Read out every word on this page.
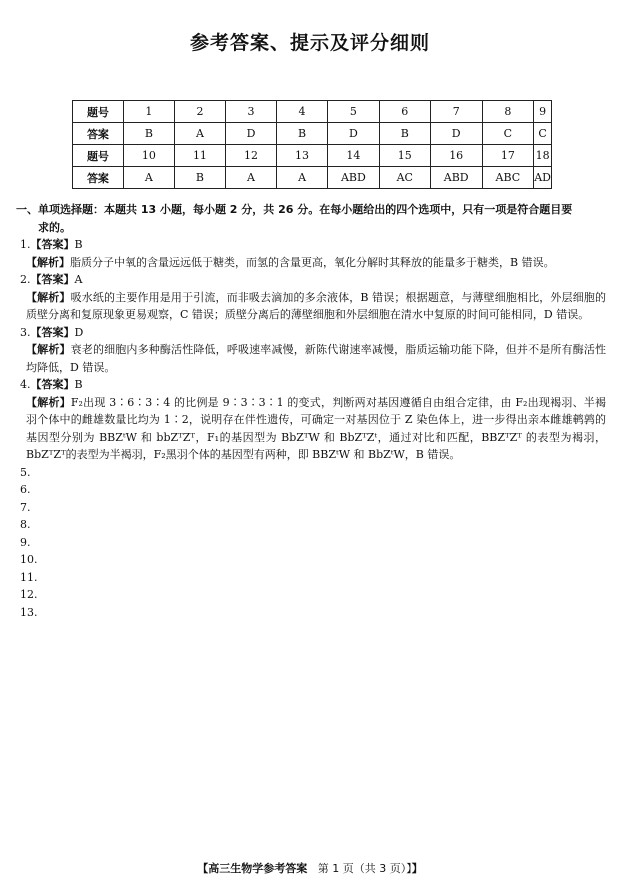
参考答案、提示及评分细则
题号	1	2	3	4	5	6	7	8	9
答案	B	A	D	B	D	B	D	C	C
题号	10	11	12	13	14	15	16	17	18
答案	A	B	A	A	ABD	AC	ABD	ABC	AD

一、单项选择题：本题共 13 小题，每小题 2 分，共 26 分。在每小题给出的四个选项中，只有一项是符合题目要
求的。

1.【答案】B

【解析】脂质分子中氧的含量远远低于糖类，而氢的含量更高，氧化分解时其释放的能量多于糖类，B 错误。

2.【答案】A

【解析】吸水纸的主要作用是用于引流，而非吸去滴加的多余液体，B 错误；根据题意，与薄壁细胞相比，外层细胞的质壁分离和复原现象更易观察，C 错误；质壁分离后的薄壁细胞和外层细胞在清水中复原的时间可能相同，D 错误。

3.【答案】D

【解析】衰老的细胞内多种酶活性降低，呼吸速率减慢，新陈代谢速率减慢，脂质运输功能下降，但并不是所有酶活性均降低，D 错误。

4.【答案】B

【解析】F₂出现 3∶6∶3∶4 的比例是 9∶3∶3∶1 的变式，判断两对基因遵循自由组合定律，由 F₂出现褐羽、半褐羽个体中的雌雄数量比均为 1∶2，说明存在伴性遗传，可确定一对基因位于 Z 染色体上，进一步得出亲本雌雄鹌鹑的基因型分别为 BBZᵗW 和 bbZᵀZᵀ，F₁的基因型为 BbZᵀW 和 BbZᵀZᵗ，通过对比和匹配，BBZᵀZᵀ 的表型为褐羽，BbZᵀZᵀ的表型为半褐羽，F₂黑羽个体的基因型有两种，即 BBZᵗW 和 BbZᵗW，B 错误。

5.

6.

7.

8.

9.

10.

11.

12.

13.

【高三生物学参考答案 第 1 页（共 3 页）】】
